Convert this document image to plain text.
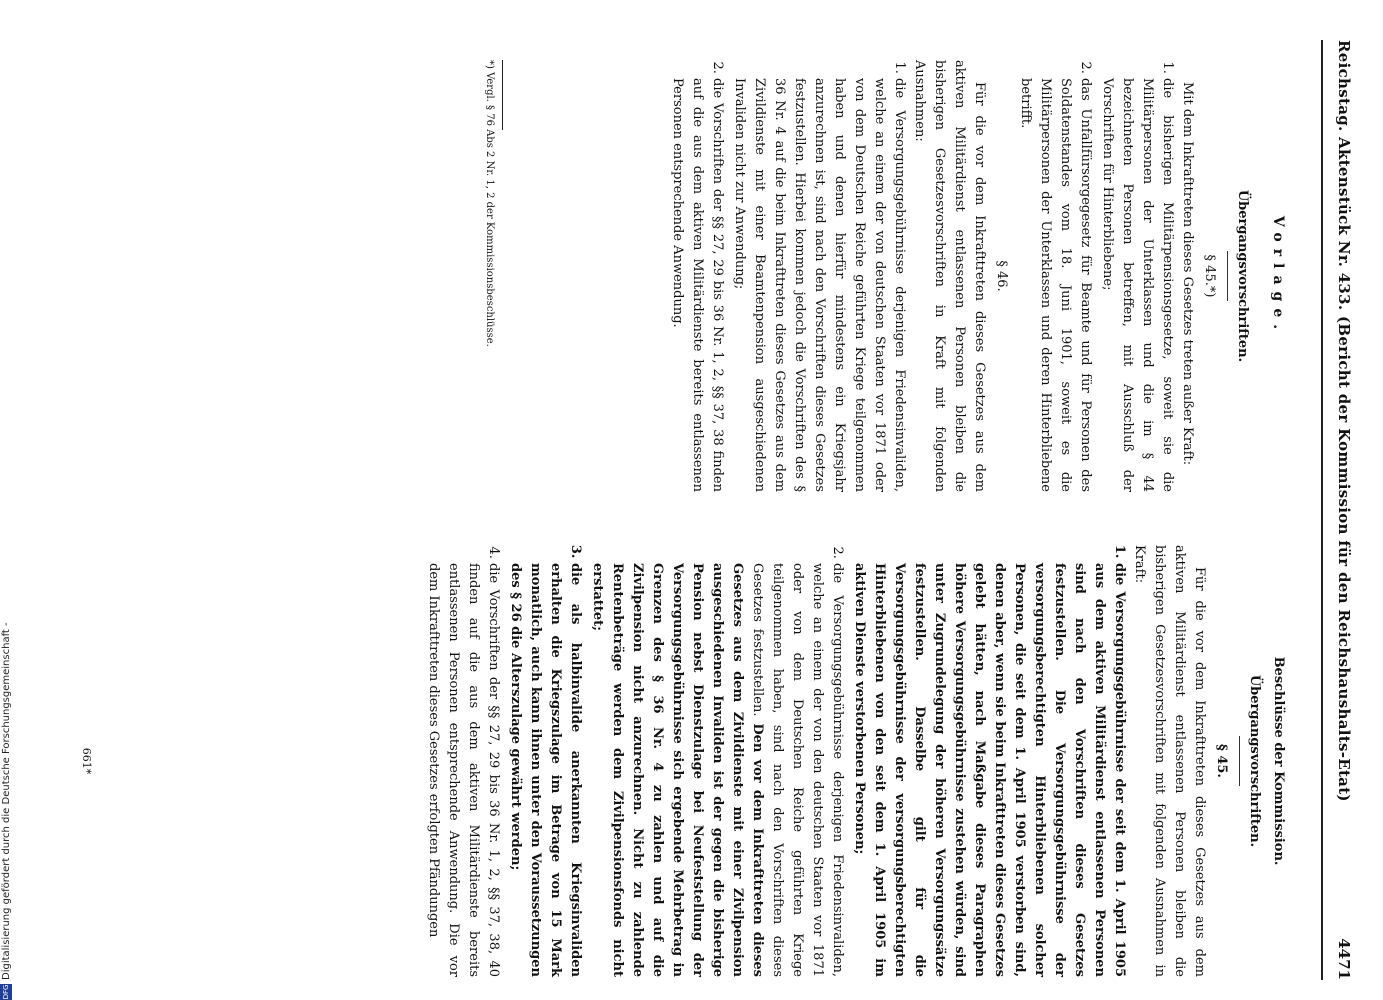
Reichstag. Aktenstück Nr. 433. (Bericht der Kommission für den Reichshaushalts-Etat)
4471
Vorlage.
Übergangsvorschriften.
§ 45.*)

Mit dem Inkrafttreten dieses Gesetzes treten außer Kraft:

1. die bisherigen Militärpensionsgesetze, soweit sie die Militärpersonen der Unterklassen und die im § 44 bezeichneten Personen betreffen, mit Ausschluß der Vorschriften für Hinterbliebene;
2. das Unfallfürsorgegesetz für Beamte und für Personen des Soldatenstandes vom 18. Juni 1901, soweit es die Militärpersonen der Unterklassen und deren Hinterbliebene betrifft.
§ 46.

Für die vor dem Inkrafttreten dieses Gesetzes aus dem aktiven Militärdienst entlassenen Personen bleiben die bisherigen Gesetzesvorschriften in Kraft mit folgenden Ausnahmen:

1. die Versorgungsgebührnisse derjenigen Friedensinvaliden, welche an einem der von deutschen Staaten vor 1871 oder von dem Deutschen Reiche geführten Kriege teilgenommen haben und denen hierfür mindestens ein Kriegsjahr anzurechnen ist, sind nach den Vorschriften dieses Gesetzes festzustellen. Hierbei kommen jedoch die Vorschriften des § 36 Nr. 4 auf die beim Inkrafttreten dieses Gesetzes aus dem Zivildienste mit einer Beamtenpension ausgeschiedenen Invaliden nicht zur Anwendung;
2. die Vorschriften der §§ 27, 29 bis 36 Nr. 1, 2, §§ 37, 38 finden auf die aus dem aktiven Militärdienste bereits entlassenen Personen entsprechende Anwendung.
*) Vergl. § 76 Abs 2 Nr. 1, 2 der Kommissionsbeschlüsse.
Beschlüsse der Kommission.
Übergangsvorschriften.
§ 45.

Für die vor dem Inkrafttreten dieses Gesetzes aus dem aktiven Militärdienst entlassenen Personen bleiben die bisherigen Gesetzesvorschriften mit folgenden Ausnahmen in Kraft:

1. die Versorgungsgebührnisse der seit dem 1. April 1905 aus dem aktiven Militärdienst entlassenen Personen sind nach den Vorschriften dieses Gesetzes festzustellen. Die Versorgungsgebührnisse der versorgungsberechtigten Hinterbliebenen solcher Personen, die seit dem 1. April 1905 verstorben sind, denen aber, wenn sie beim Inkrafttreten dieses Gesetzes gelebt hätten, nach Maßgabe dieses Paragraphen höhere Versorgungsgebührnisse zustehen würden, sind unter Zugrundelegung der höheren Versorgungssätze festzustellen. Dasselbe gilt für die Versorgungsgebührnisse der versorgungsberechtigten Hinterbliebenen von den seit dem 1. April 1905 im aktiven Dienste verstorbenen Personen;
2. die Versorgungsgebührnisse derjenigen Friedensinvaliden, welche an einem der von den deutschen Staaten vor 1871 oder von dem Deutschen Reiche geführten Kriege teilgenommen haben, sind nach den Vorschriften dieses Gesetzes festzustellen. Den vor dem Inkrafttreten dieses Gesetzes aus dem Zivildienste mit einer Zivilpension ausgeschiedenen Invaliden ist der gegen die bisherige Pension nebst Dienstzulage bei Neufeststellung der Versorgungsgebührnisse sich ergebende Mehrbetrag in Grenzen des § 36 Nr. 4 zu zahlen und auf die Zivilpension nicht anzurechnen. Nicht zu zahlende Rentenbeträge werden dem Zivilpensionsfonds nicht erstattet;
3. die als halbinvalide anerkannten Kriegsinvaliden erhalten die Kriegszulage im Betrage von 15 Mark monatlich, auch kann ihnen unter den Voraussetzungen des § 26 die Alterszulage gewährt werden;
4. die Vorschriften der §§ 27, 29 bis 36 Nr. 1, 2, §§ 37, 38, 40 finden auf die aus dem aktiven Militärdienste bereits entlassenen Personen entsprechende Anwendung. Die vor dem Inkrafttreten dieses Gesetzes erfolgten Pfändungen
661*
DFGDigitalisierung gefördert durch die Deutsche Forschungsgemeinschaft -
